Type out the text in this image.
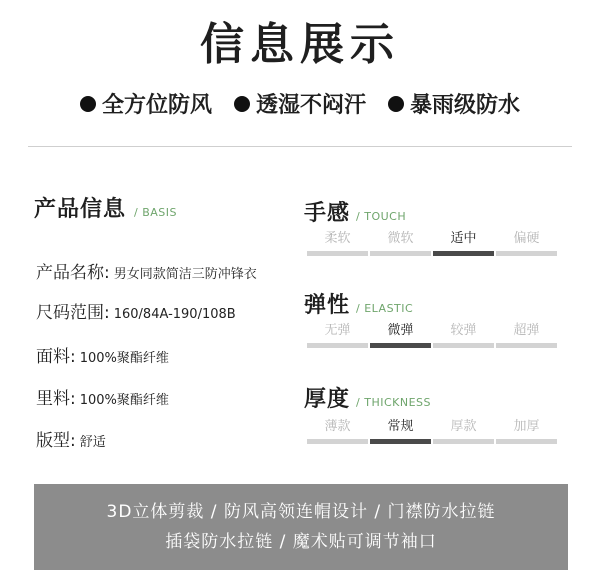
信息展示
全方位防风 透湿不闷汗 暴雨级防水
产品信息 / BASIS
产品名称: 男女同款简洁三防冲锋衣
尺码范围: 160/84A-190/108B
面料: 100%聚酯纤维
里料: 100%聚酯纤维
版型: 舒适
手感 / TOUCH
柔软	微软	适中	偏硬
弹性 / ELASTIC
无弹	微弹	较弹	超弹
厚度 / THICKNESS
薄款	常规	厚款	加厚
3D立体剪裁 / 防风高领连帽设计 / 门襟防水拉链
插袋防水拉链 / 魔术贴可调节袖口
